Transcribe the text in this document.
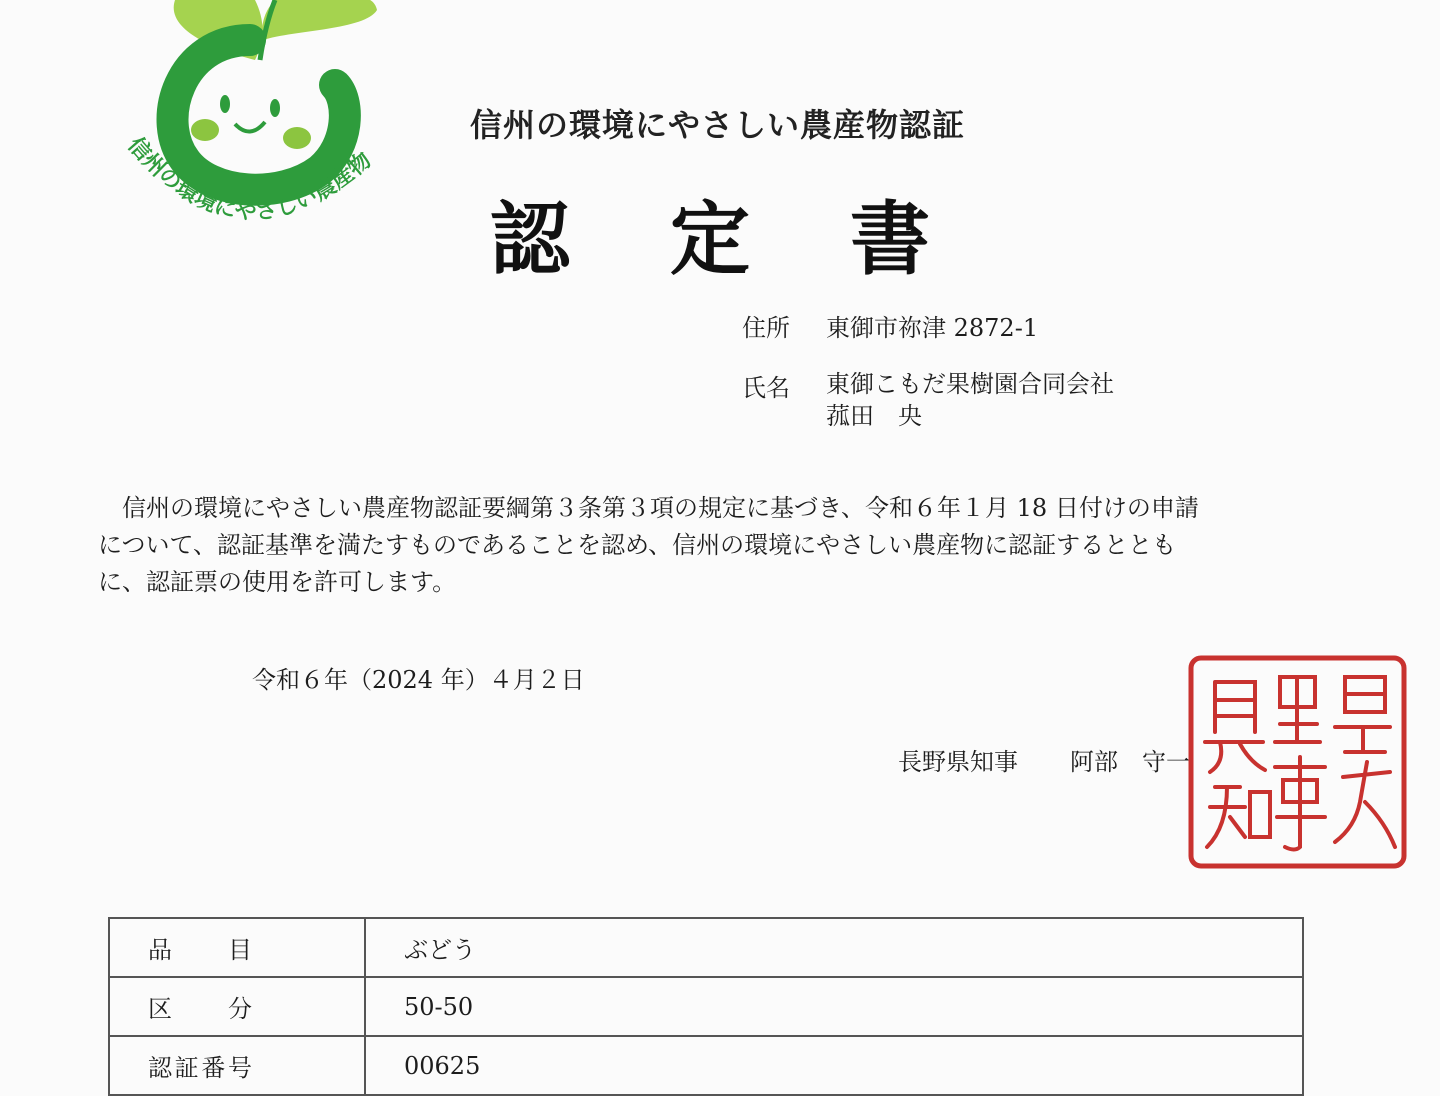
信州の環境にやさしい農産物
信州の環境にやさしい農産物認証
認 定 書
住所 東御市祢津 2872-1
氏名 東御こもだ果樹園合同会社
菰田　央

信州の環境にやさしい農産物認証要綱第３条第３項の規定に基づき、令和６年１月 18 日付けの申請

について、認証基準を満たすものであることを認め、信州の環境にやさしい農産物に認証するととも

に、認証票の使用を許可します。

令和６年（2024 年）４月２日
長野県知事 阿部　守一
品目	ぶどう

区分	50-50

認証番号	00625
